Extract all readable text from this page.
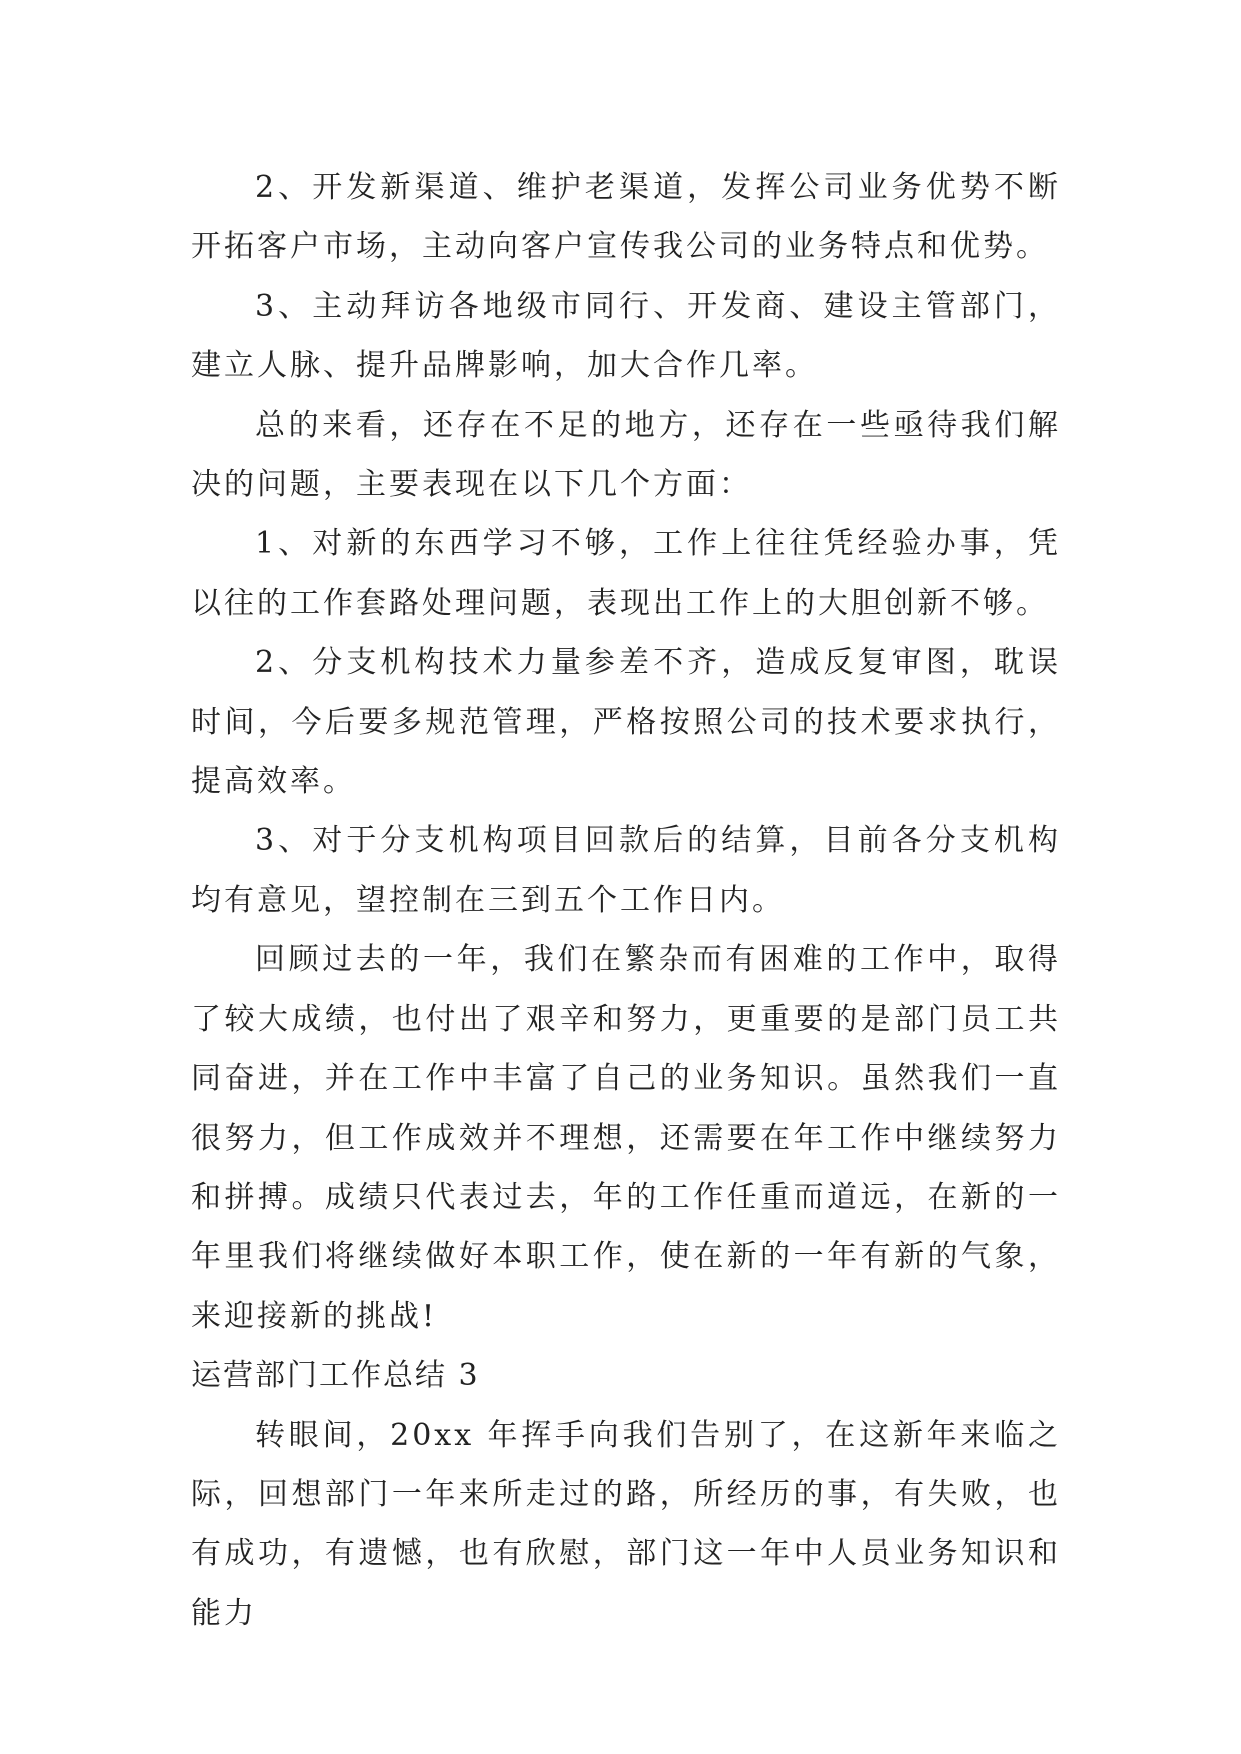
2、开发新渠道、维护老渠道，发挥公司业务优势不断开拓客户市场，主动向客户宣传我公司的业务特点和优势。

3、主动拜访各地级市同行、开发商、建设主管部门，建立人脉、提升品牌影响，加大合作几率。

总的来看，还存在不足的地方，还存在一些亟待我们解决的问题，主要表现在以下几个方面：

1、对新的东西学习不够，工作上往往凭经验办事，凭以往的工作套路处理问题，表现出工作上的大胆创新不够。

2、分支机构技术力量参差不齐，造成反复审图，耽误时间，今后要多规范管理，严格按照公司的技术要求执行，提高效率。

3、对于分支机构项目回款后的结算，目前各分支机构均有意见，望控制在三到五个工作日内。

回顾过去的一年，我们在繁杂而有困难的工作中，取得了较大成绩，也付出了艰辛和努力，更重要的是部门员工共同奋进，并在工作中丰富了自己的业务知识。虽然我们一直很努力，但工作成效并不理想，还需要在年工作中继续努力和拼搏。成绩只代表过去，年的工作任重而道远，在新的一年里我们将继续做好本职工作，使在新的一年有新的气象，来迎接新的挑战!

运营部门工作总结 3

转眼间，20xx 年挥手向我们告别了，在这新年来临之际，回想部门一年来所走过的路，所经历的事，有失败，也有成功，有遗憾，也有欣慰，部门这一年中人员业务知识和能力
